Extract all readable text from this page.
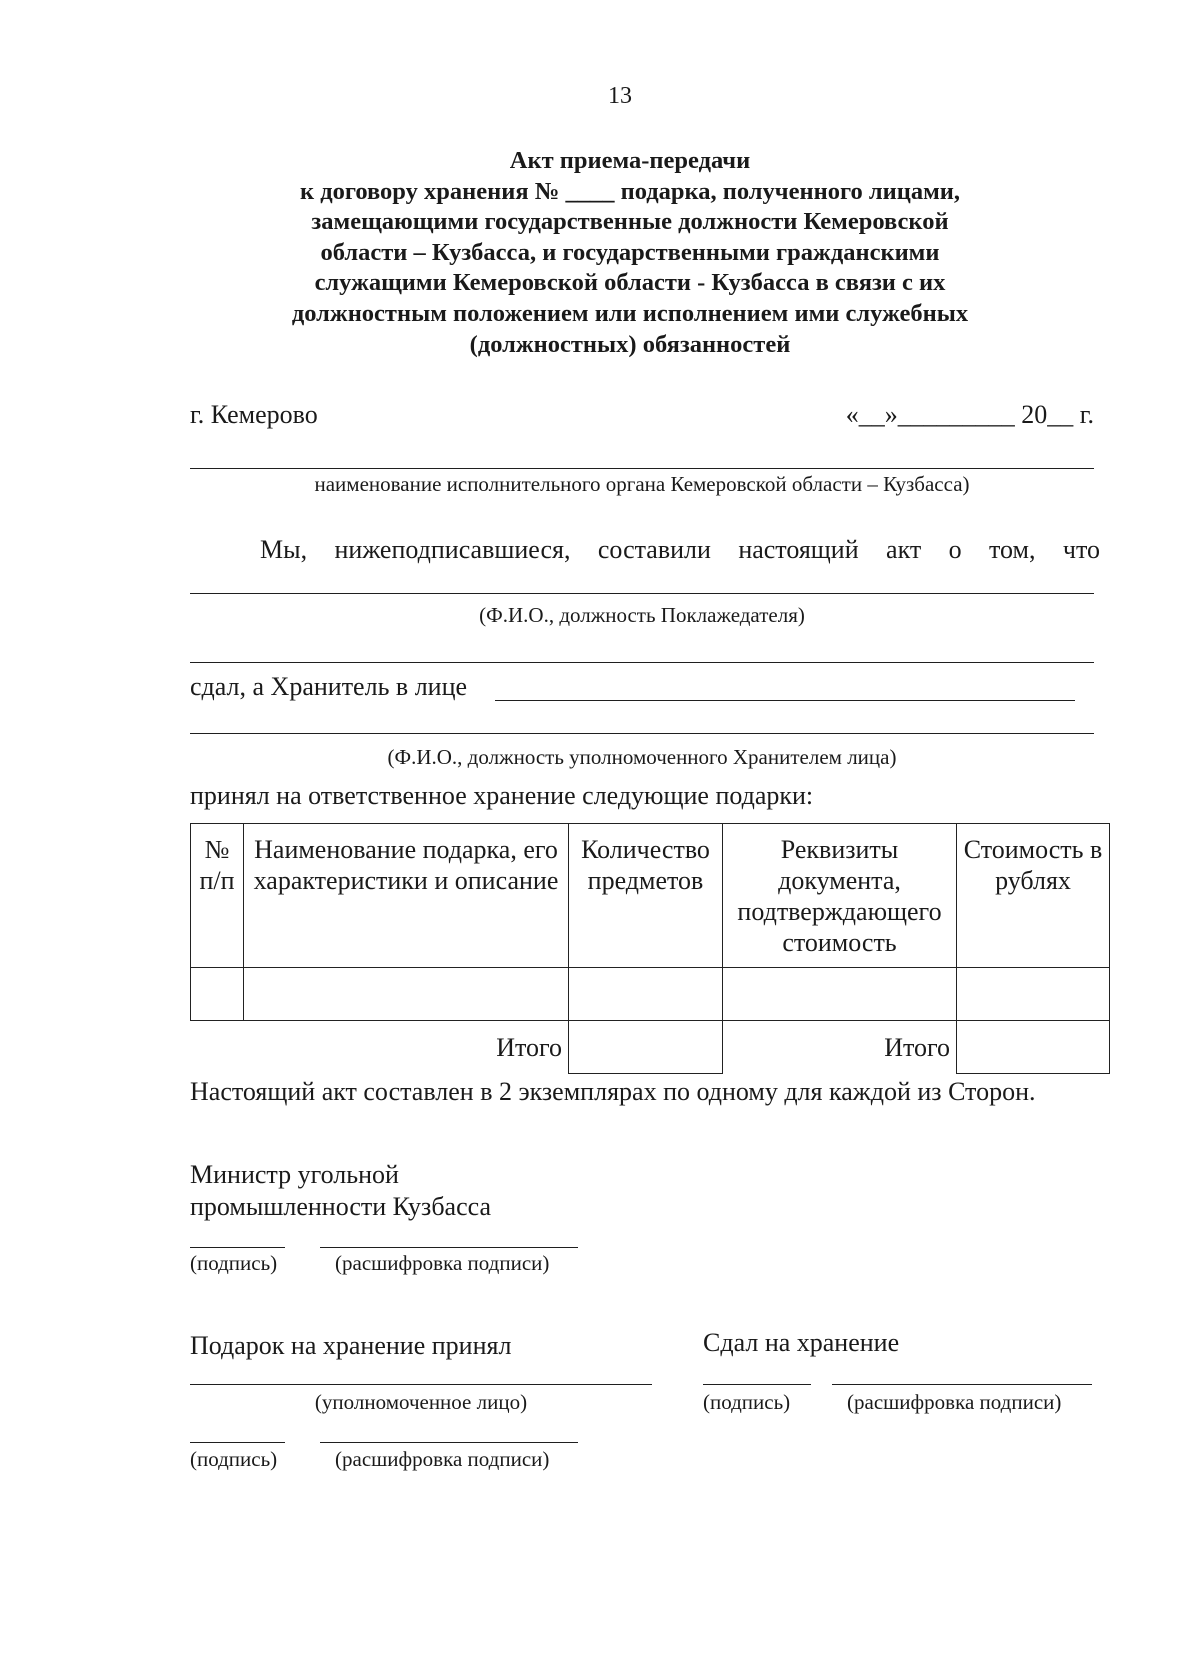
13
Акт приема-передачи
к договору хранения № ____ подарка, полученного лицами,
замещающими государственные должности Кемеровской
области – Кузбасса, и государственными гражданскими
служащими Кемеровской области - Кузбасса в связи с их
должностным положением или исполнением ими служебных
(должностных) обязанностей
г. Кемерово	«__»_________ 20__ г.
наименование исполнительного органа Кемеровской области – Кузбасса)
Мы, нижеподписавшиеся, составили настоящий акт о том, что
(Ф.И.О., должность Поклажедателя)
сдал, а Хранитель в лице
(Ф.И.О., должность уполномоченного Хранителем лица)
принял на ответственное хранение следующие подарки:
№ п/п	Наименование подарка, его характеристики и описание	Количество предметов	Реквизиты документа, подтверждающего стоимость	Стоимость в рублях

Итого			Итого	
Настоящий акт составлен в 2 экземплярах по одному для каждой из Сторон.
Министр угольной
промышленности Кузбасса
(подпись)	(расшифровка подписи)
Подарок на хранение принял
(уполномоченное лицо)
(подпись)	(расшифровка подписи)
Сдал на хранение
(подпись)	(расшифровка подписи)
